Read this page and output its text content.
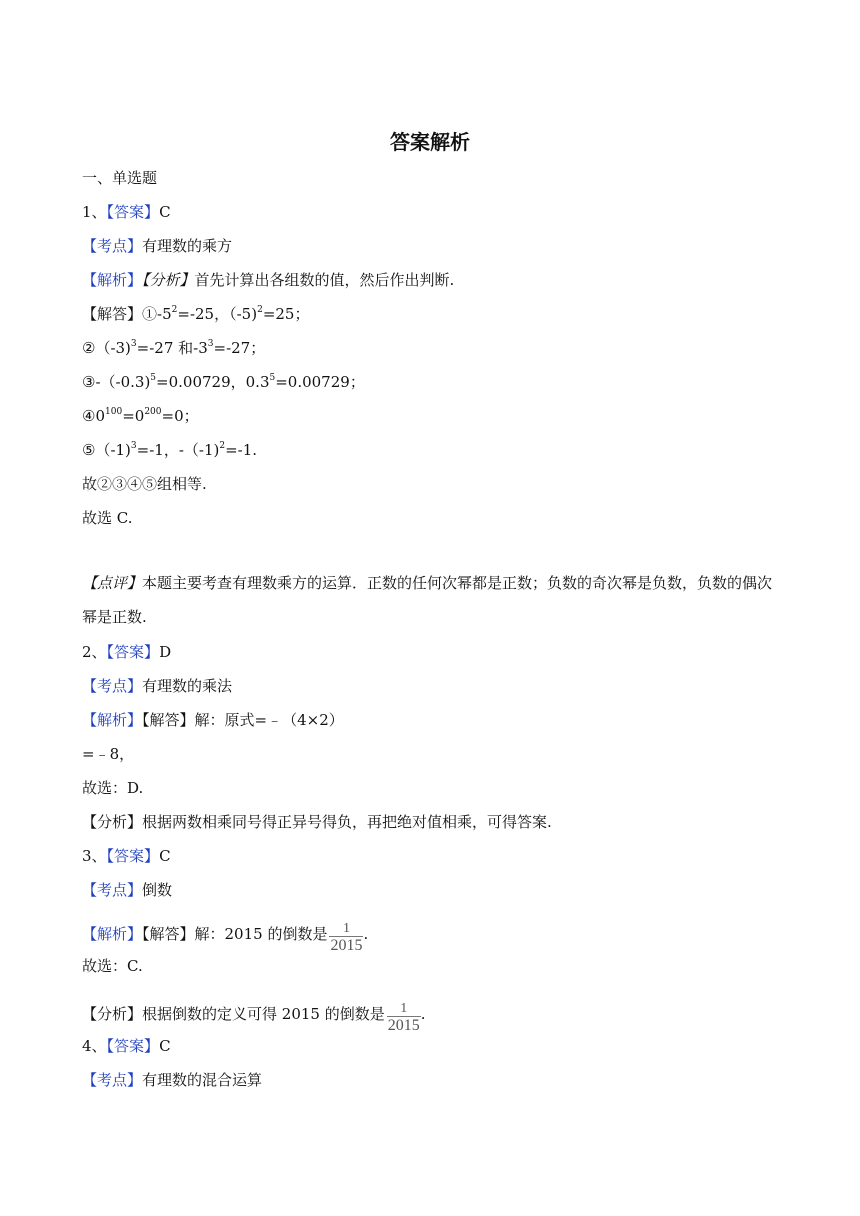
答案解析
一、单选题
1、【答案】C
【考点】有理数的乘方
【解析】【分析】首先计算出各组数的值，然后作出判断.
【解答】$①-5^2=-25$，（-5)$^2$=25；
②（-3)$^3$=-27 和$-3^3=-27$；
③-（-0.3)$^5$=0.00729，$0.3^5=0.00729$；
$④0^{100}=0^{200}=0$；
⑤（-1)$^3$=-1，-（-1)$^2$=-1.
故②③④⑤组相等.
故选 C.
【点评】本题主要考查有理数乘方的运算．正数的任何次幂都是正数；负数的奇次幂是负数，负数的偶次幂是正数.
2、【答案】D
【考点】有理数的乘法
【解析】【解答】解：原式=﹣（4×2）
=﹣8，
故选：D.
【分析】根据两数相乘同号得正异号得负，再把绝对值相乘，可得答案.
3、【答案】C
【考点】倒数
【解析】【解答】解：2015 的倒数是 $\frac{1}{2015}$ .
故选：C.
【分析】根据倒数的定义可得 2015 的倒数是 $\frac{1}{2015}$ .
4、【答案】C
【考点】有理数的混合运算
